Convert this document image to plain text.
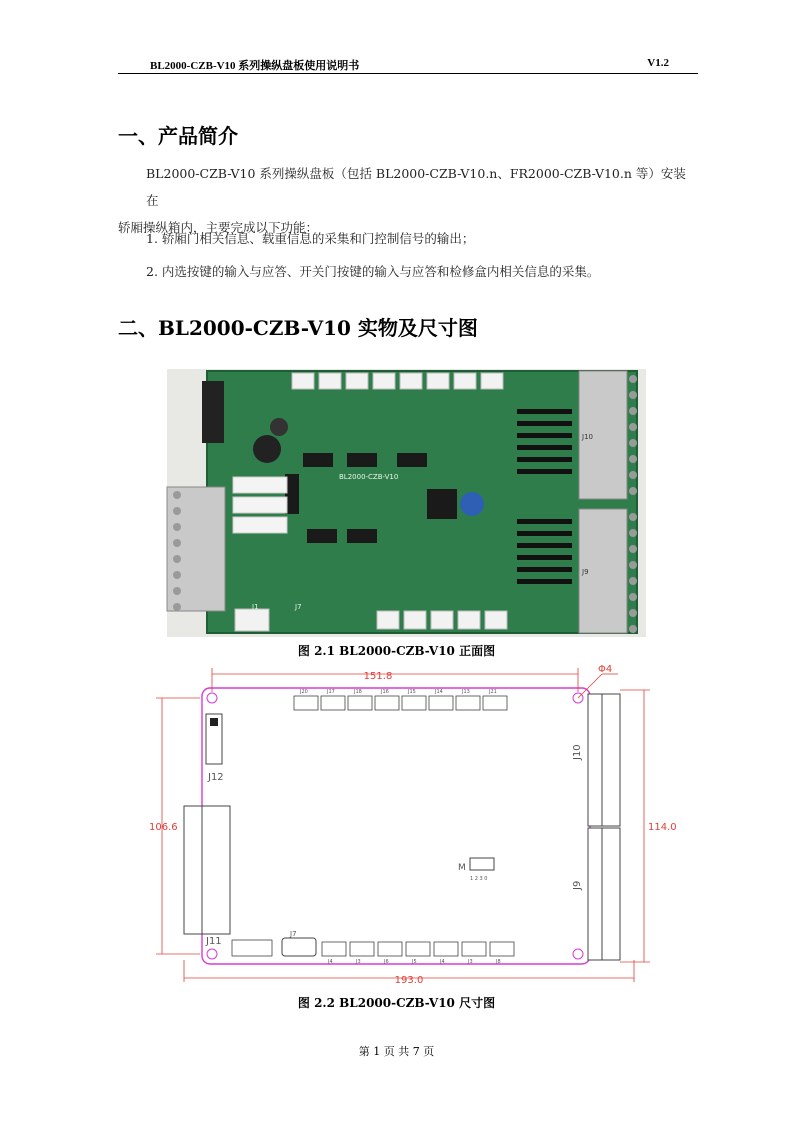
BL2000-CZB-V10 系列操纵盘板使用说明书	V1.2
一、产品简介
BL2000-CZB-V10 系列操纵盘板（包括 BL2000-CZB-V10.n、FR2000-CZB-V10.n 等）安装在
轿厢操纵箱内，主要完成以下功能：
1. 轿厢门相关信息、载重信息的采集和门控制信号的输出；
2. 内选按键的输入与应答、开关门按键的输入与应答和检修盒内相关信息的采集。
二、BL2000-CZB-V10 实物及尺寸图
BL2000-CZB-V10
J10
J9
J7
J1
图 2.1 BL2000-CZB-V10 正面图
151.8
193.0
106.6	114.0
Φ4
J20	J17	J18	J16	J15	J14	J13	J21
J12
J11
J10
J9
M
1 2 3 0
J7
J4	J3	J6	J5	J4	J3	J8
图 2.2 BL2000-CZB-V10 尺寸图
第 1 页 共 7 页
